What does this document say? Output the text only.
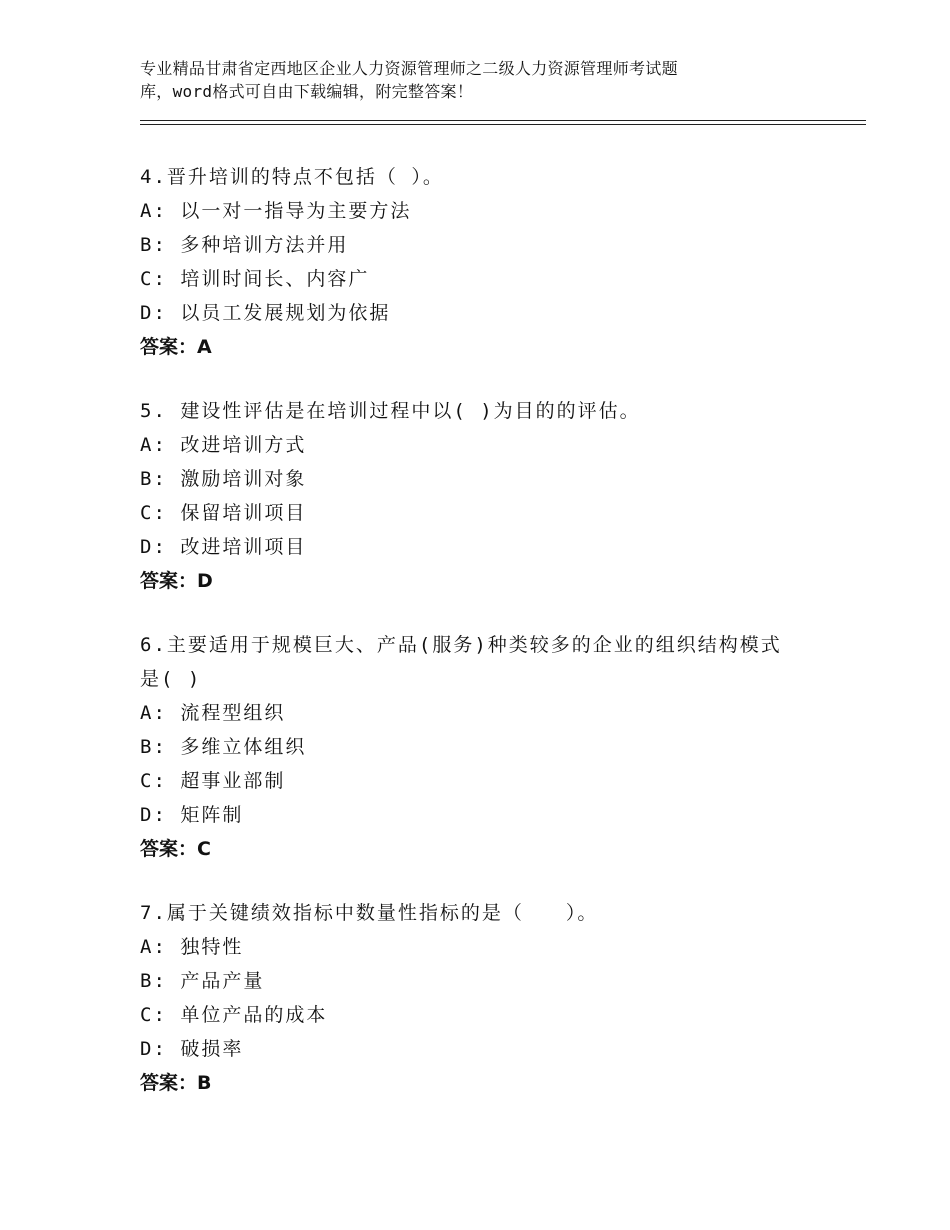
专业精品甘肃省定西地区企业人力资源管理师之二级人力资源管理师考试题
库，word格式可自由下载编辑，附完整答案！

4.晋升培训的特点不包括（ ）。

A: 以一对一指导为主要方法

B: 多种培训方法并用

C: 培训时间长、内容广

D: 以员工发展规划为依据

答案：A

5. 建设性评估是在培训过程中以( )为目的的评估。

A: 改进培训方式

B: 激励培训对象

C: 保留培训项目

D: 改进培训项目

答案：D

6.主要适用于规模巨大、产品(服务)种类较多的企业的组织结构模式

是( )

A: 流程型组织

B: 多维立体组织

C: 超事业部制

D: 矩阵制

答案：C

7.属于关键绩效指标中数量性指标的是（　　）。

A: 独特性

B: 产品产量

C: 单位产品的成本

D: 破损率

答案：B
